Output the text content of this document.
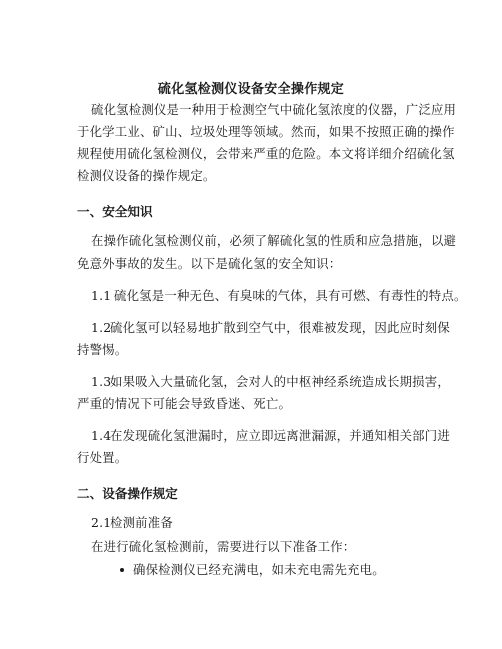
硫化氢检测仪设备安全操作规定
硫化氢检测仪是一种用于检测空气中硫化氢浓度的仪器，广泛应用
于化学工业、矿山、垃圾处理等领域。然而，如果不按照正确的操作
规程使用硫化氢检测仪，会带来严重的危险。本文将详细介绍硫化氢
检测仪设备的操作规定。
一、安全知识
在操作硫化氢检测仪前，必须了解硫化氢的性质和应急措施，以避
免意外事故的发生。以下是硫化氢的安全知识：
1.1 硫化氢是一种无色、有臭味的气体，具有可燃、有毒性的特点。
1.2
硫化氢可以轻易地扩散到空气中，很难被发现，因此应时刻保
持警惕。
1.3
如果吸入大量硫化氢，会对人的中枢神经系统造成长期损害，
严重的情况下可能会导致昏迷、死亡。
1.4
在发现硫化氢泄漏时，应立即远离泄漏源，并通知相关部门进
行处置。
二、设备操作规定
2.1
检测前准备
在进行硫化氢检测前，需要进行以下准备工作：
确保检测仪已经充满电，如未充电需先充电。
